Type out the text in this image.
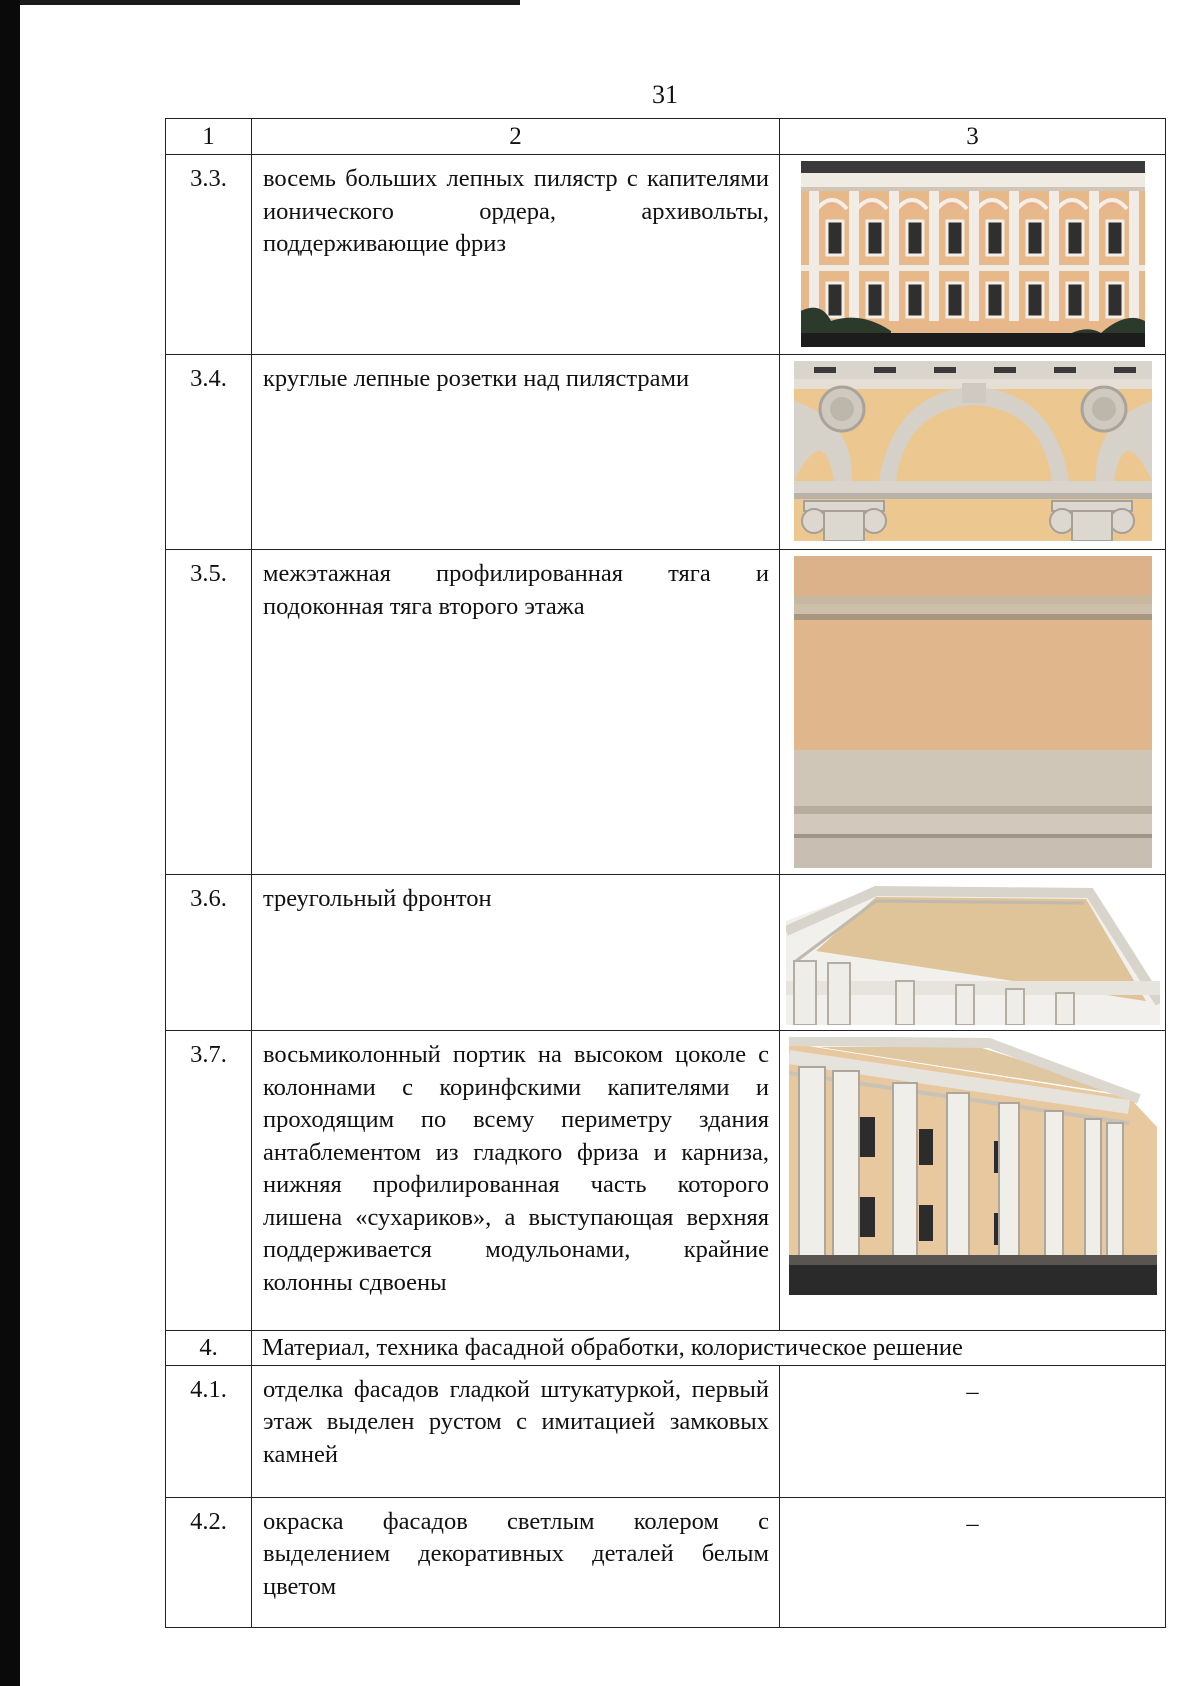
31
1	2	3
3.3.	восемь больших лепных пилястр с капителями ионического ордера, архивольты, поддерживающие фриз	

3.4.	круглые лепные розетки над пилястрами	

3.5.	межэтажная профилированная тяга и подоконная тяга второго этажа	

3.6.	треугольный фронтон	

3.7.	восьмиколонный портик на высоком цоколе с колоннами с коринфскими капителями и проходящим по всему периметру здания антаблементом из гладкого фриза и карниза, нижняя профилированная часть которого лишена «сухариков», а выступающая верхняя поддерживается модульонами, крайние колонны сдвоены	

4.	Материал, техника фасадной обработки, колористическое решение	
4.1.	отделка фасадов гладкой штукатуркой, первый этаж выделен рустом с имитацией замковых камней	–

4.2.	окраска фасадов светлым колером с выделением декоративных деталей белым цветом	–
